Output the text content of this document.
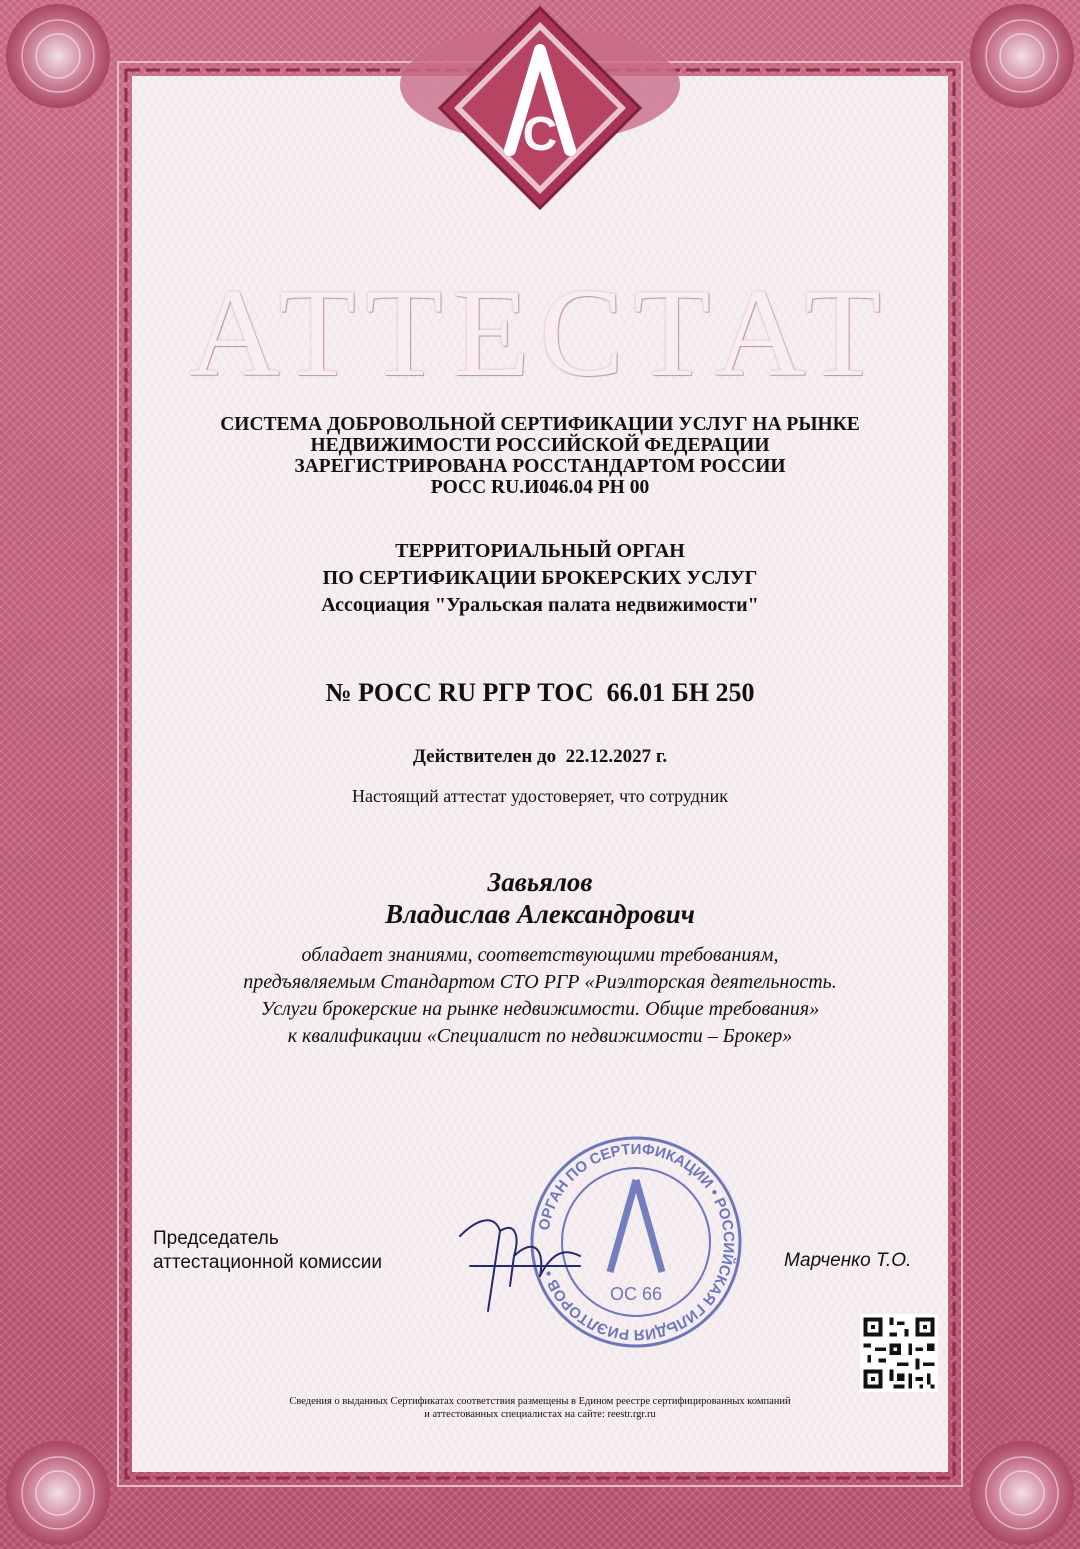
С
АТТЕСТАТ
СИСТЕМА ДОБРОВОЛЬНОЙ СЕРТИФИКАЦИИ УСЛУГ НА РЫНКЕ
НЕДВИЖИМОСТИ РОССИЙСКОЙ ФЕДЕРАЦИИ
ЗАРЕГИСТРИРОВАНА РОССТАНДАРТОМ РОССИИ
РОСС RU.И046.04 РН 00
ТЕРРИТОРИАЛЬНЫЙ ОРГАН
ПО СЕРТИФИКАЦИИ БРОКЕРСКИХ УСЛУГ
Ассоциация "Уральская палата недвижимости"
№ РОСС RU РГР ТОС  66.01 БН 250
Действителен до  22.12.2027 г.
Настоящий аттестат удостоверяет, что сотрудник
Завьялов
Владислав Александрович
обладает знаниями, соответствующими требованиям,
предъявляемым Стандартом СТО РГР «Риэлторская деятельность.
Услуги брокерские на рынке недвижимости. Общие требования»
к квалификации «Специалист по недвижимости – Брокер»
ОРГАН ПО СЕРТИФИКАЦИИ • РОССИЙСКАЯ ГИЛЬДИЯ РИЭЛТОРОВ •
ОС 66
Председатель
аттестационной комиссии	Марченко Т.О.
Сведения о выданных Сертификатах соответствия размещены в Едином реестре сертифицированных компаний
и аттестованных специалистах на сайте: reestr.rgr.ru
